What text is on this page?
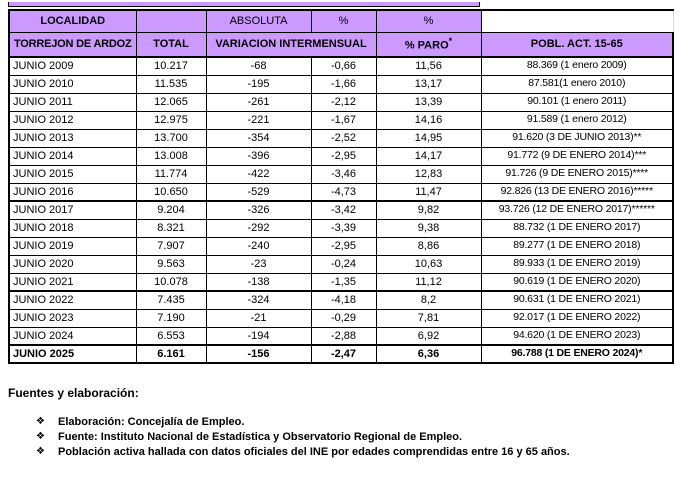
LOCALIDAD		ABSOLUTA	%	%	
TORREJON DE ARDOZ	TOTAL	VARIACION INTERMENSUAL		% PARO*	POBL. ACT. 15-65
JUNIO 2009	10.217	-68	-0,66	11,56	88.369 (1 enero 2009)
JUNIO 2010	11.535	-195	-1,66	13,17	87.581(1 enero 2010)
JUNIO 2011	12.065	-261	-2,12	13,39	90.101 (1 enero 2011)
JUNIO 2012	12.975	-221	-1,67	14,16	91.589 (1 enero 2012)
JUNIO 2013	13.700	-354	-2,52	14,95	91.620 (3 DE JUNIO 2013)**
JUNIO 2014	13.008	-396	-2,95	14,17	91.772 (9 DE ENERO 2014)***
JUNIO 2015	11.774	-422	-3,46	12,83	91.726 (9 DE ENERO 2015)****
JUNIO 2016	10.650	-529	-4,73	11,47	92.826 (13 DE ENERO 2016)*****
JUNIO 2017	9.204	-326	-3,42	9,82	93.726 (12 DE ENERO 2017)******
JUNIO 2018	8.321	-292	-3,39	9,38	88.732 (1 DE ENERO 2017)
JUNIO 2019	7.907	-240	-2,95	8,86	89.277 (1 DE ENERO 2018)
JUNIO 2020	9.563	-23	-0,24	10,63	89.933 (1 DE ENERO 2019)
JUNIO 2021	10.078	-138	-1,35	11,12	90.619 (1 DE ENERO 2020)
JUNIO 2022	7.435	-324	-4,18	8,2	90.631 (1 DE ENERO 2021)
JUNIO 2023	7.190	-21	-0,29	7,81	92.017 (1 DE ENERO 2022)
JUNIO 2024	6.553	-194	-2,88	6,92	94.620 (1 DE ENERO 2023)
JUNIO 2025	6.161	-156	-2,47	6,36	96.788 (1 DE ENERO 2024)*
Fuentes y elaboración:
❖	Elaboración: Concejalía de Empleo.
❖	Fuente: Instituto Nacional de Estadística y Observatorio Regional de Empleo.
❖	Población activa hallada con datos oficiales del INE por edades comprendidas entre 16 y 65 años.
